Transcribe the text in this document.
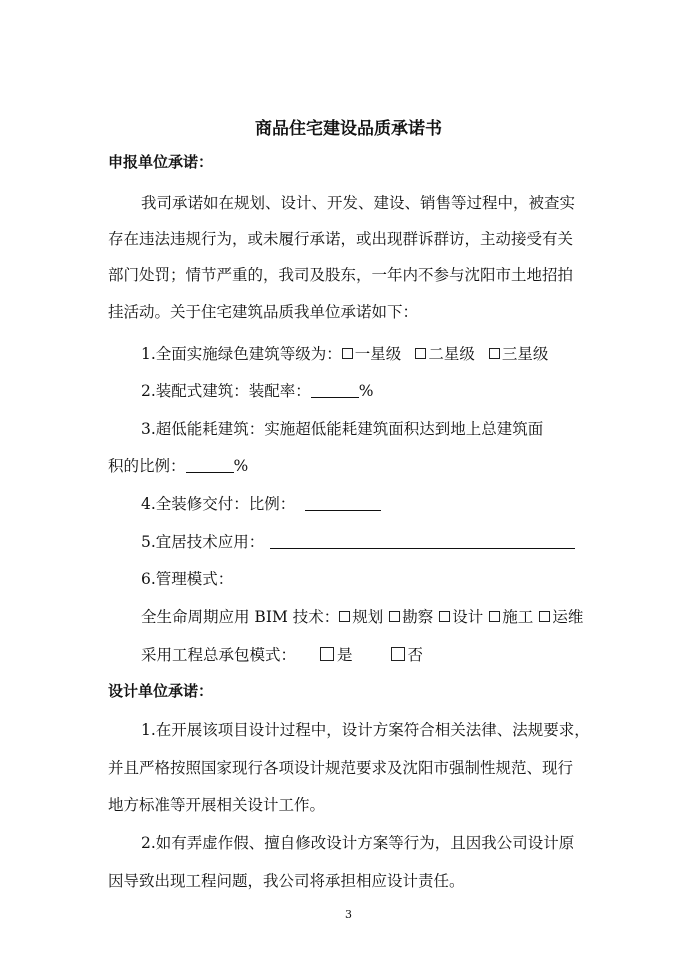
商品住宅建设品质承诺书
申报单位承诺：
我司承诺如在规划、设计、开发、建设、销售等过程中，被查实
存在违法违规行为，或未履行承诺，或出现群诉群访，主动接受有关
部门处罚；情节严重的，我司及股东，一年内不参与沈阳市土地招拍
挂活动。关于住宅建筑品质我单位承诺如下：
1.全面实施绿色建筑等级为： 一星级 二星级 三星级
2.装配式建筑：装配率：	%
3.超低能耗建筑：实施超低能耗建筑面积达到地上总建筑面
积的比例：	%
4.全装修交付：比例：
5.宜居技术应用：
6.管理模式：
全生命周期应用 BIM 技术： 规划 勘察 设计 施工 运维
采用工程总承包模式：	是	否
设计单位承诺：
1.在开展该项目设计过程中，设计方案符合相关法律、法规要求，
并且严格按照国家现行各项设计规范要求及沈阳市强制性规范、现行
地方标准等开展相关设计工作。
2.如有弄虚作假、擅自修改设计方案等行为，且因我公司设计原
因导致出现工程问题，我公司将承担相应设计责任。
3
